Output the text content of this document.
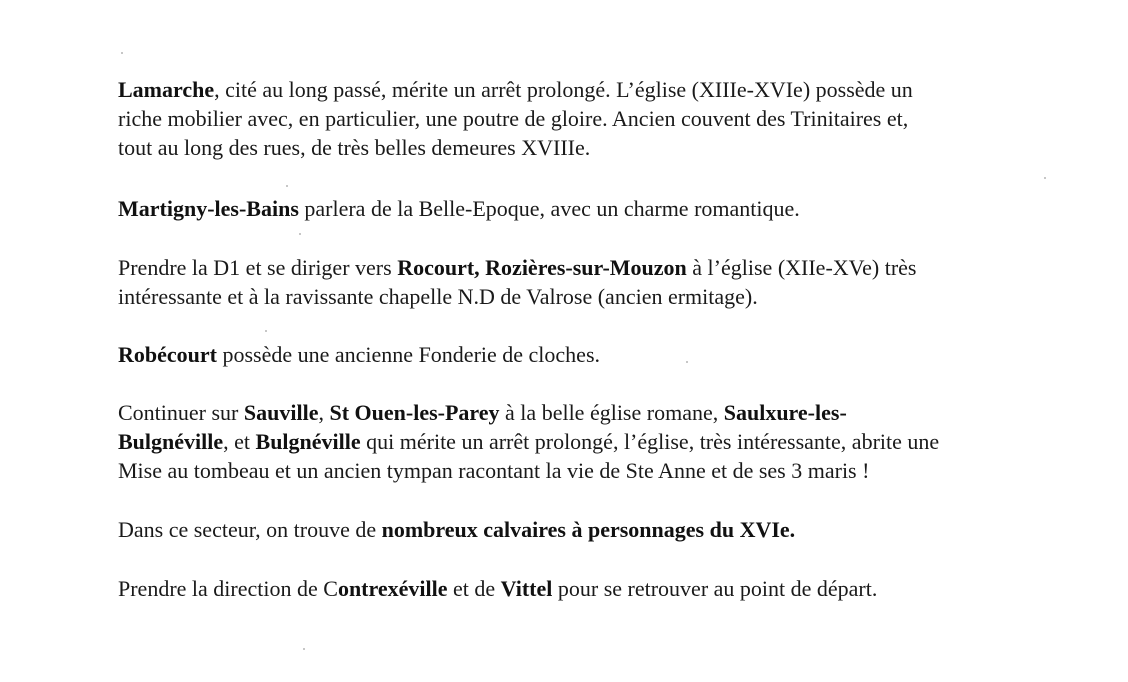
Lamarche, cité au long passé, mérite un arrêt prolongé. L’église (XIIIe-XVIe) possède un
riche mobilier avec, en particulier, une poutre de gloire. Ancien couvent des Trinitaires et,
tout au long des rues, de très belles demeures XVIIIe.

Martigny-les-Bains parlera de la Belle-Epoque, avec un charme romantique.

Prendre la D1 et se diriger vers Rocourt, Rozières-sur-Mouzon à l’église (XIIe-XVe) très
intéressante et à la ravissante chapelle N.D de Valrose (ancien ermitage).

Robécourt possède une ancienne Fonderie de cloches.

Continuer sur Sauville, St Ouen-les-Parey à la belle église romane, Saulxure-les-
Bulgnéville, et Bulgnéville qui mérite un arrêt prolongé, l’église, très intéressante, abrite une
Mise au tombeau et un ancien tympan racontant la vie de Ste Anne et de ses 3 maris !

Dans ce secteur, on trouve de nombreux calvaires à personnages du XVIe.

Prendre la direction de Contrexéville et de Vittel pour se retrouver au point de départ.
